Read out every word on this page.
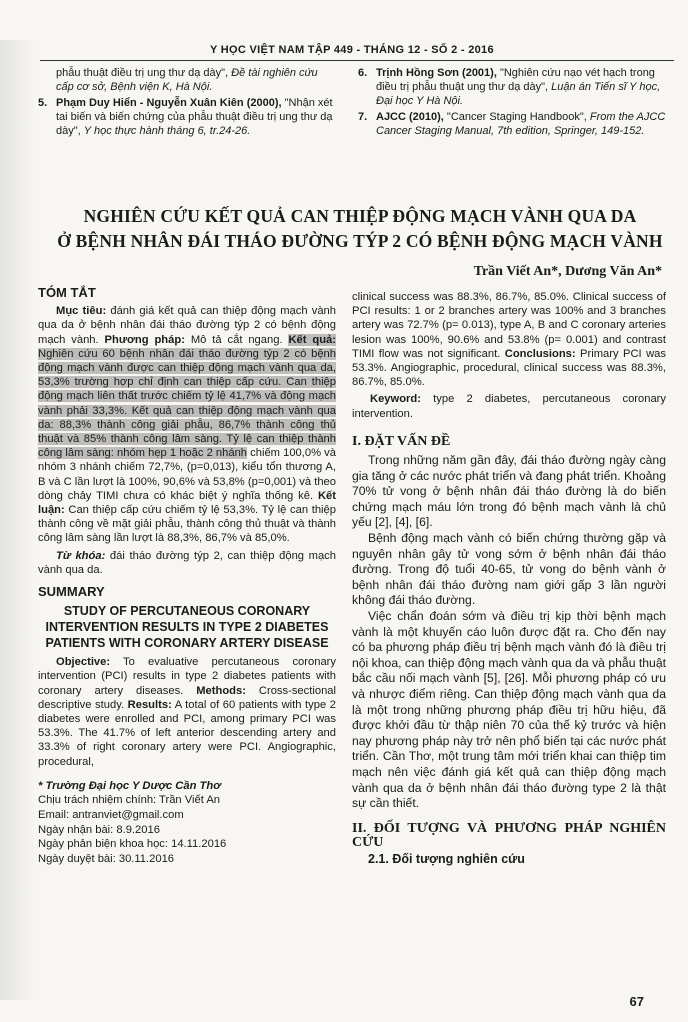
Y HỌC VIỆT NAM TẬP 449 - THÁNG 12 - SỐ 2 - 2016
phẫu thuật điều trị ung thư dạ dày", Đề tài nghiên cứu cấp cơ sở, Bệnh viện K, Hà Nội.
5. Phạm Duy Hiển - Nguyễn Xuân Kiên (2000), "Nhận xét tai biến và biến chứng của phẫu thuật điều trị ung thư dạ dày", Y học thực hành tháng 6, tr.24-26.
6. Trịnh Hồng Sơn (2001), "Nghiên cứu nạo vét hạch trong điều trị phẫu thuật ung thư dạ dày", Luận án Tiến sĩ Y học, Đại học Y Hà Nội.
7. AJCC (2010), "Cancer Staging Handbook", From the AJCC Cancer Staging Manual, 7th edition, Springer, 149-152.
NGHIÊN CỨU KẾT QUẢ CAN THIỆP ĐỘNG MẠCH VÀNH QUA DA
Ở BỆNH NHÂN ĐÁI THÁO ĐƯỜNG TÝP 2 CÓ BỆNH ĐỘNG MẠCH VÀNH
Trần Viết An*, Dương Văn An*
TÓM TẮT

Mục tiêu: đánh giá kết quả can thiệp động mạch vành qua da ở bệnh nhân đái tháo đường týp 2 có bệnh động mạch vành. Phương pháp: Mô tả cắt ngang. Kết quả: Nghiên cứu 60 bệnh nhân đái tháo đường týp 2 có bệnh động mạch vành được can thiệp động mạch vành qua da, 53,3% trường hợp chỉ định can thiệp cấp cứu. Can thiệp động mạch liên thất trước chiếm tỷ lệ 41,7% và động mạch vành phải 33,3%. Kết quả can thiệp động mạch vành qua da: 88,3% thành công giải phẫu, 86,7% thành công thủ thuật và 85% thành công lâm sàng. Tỷ lệ can thiệp thành công lâm sàng: nhóm hẹp 1 hoặc 2 nhánh chiếm 100,0% và nhóm 3 nhánh chiếm 72,7%, (p=0,013), kiểu tổn thương A, B và C lần lượt là 100%, 90,6% và 53,8% (p=0,001) và theo dòng chảy TIMI chưa có khác biệt ý nghĩa thống kê. Kết luận: Can thiệp cấp cứu chiếm tỷ lệ 53,3%. Tỷ lệ can thiệp thành công về mặt giải phẫu, thành công thủ thuật và thành công lâm sàng lần lượt là 88,3%, 86,7% và 85,0%.

Từ khóa: đái tháo đường týp 2, can thiệp động mạch vành qua da.

SUMMARY
STUDY OF PERCUTANEOUS CORONARY INTERVENTION RESULTS IN TYPE 2 DIABETES PATIENTS WITH CORONARY ARTERY DISEASE

Objective: To evaluative percutaneous coronary intervention (PCI) results in type 2 diabetes patients with coronary artery diseases. Methods: Cross-sectional descriptive study. Results: A total of 60 patients with type 2 diabetes were enrolled and PCI, among primary PCI was 53.3%. The 41.7% of left anterior descending artery and 33.3% of right coronary artery were PCI. Angiographic, procedural,

* Trường Đại học Y Dược Cần Thơ
Chịu trách nhiệm chính: Trần Viết An
Email: antranviet@gmail.com
Ngày nhận bài: 8.9.2016
Ngày phản biện khoa học: 14.11.2016
Ngày duyệt bài: 30.11.2016

clinical success was 88.3%, 86.7%, 85.0%. Clinical success of PCI results: 1 or 2 branches artery was 100% and 3 branches artery was 72.7% (p= 0.013), type A, B and C coronary arteries lesion was 100%, 90.6% and 53.8% (p= 0.001) and contrast TIMI flow was not significant. Conclusions: Primary PCI was 53.3%. Angiographic, procedural, clinical success was 88.3%, 86.7%, 85.0%.

Keyword: type 2 diabetes, percutaneous coronary intervention.

I. ĐẶT VẤN ĐỀ

Trong những năm gần đây, đái tháo đường ngày càng gia tăng ở các nước phát triển và đang phát triển. Khoảng 70% tử vong ở bệnh nhân đái tháo đường là do biến chứng mạch máu lớn trong đó bệnh mạch vành là chủ yếu [2], [4], [6].

Bệnh động mạch vành có biến chứng thường gặp và nguyên nhân gây tử vong sớm ở bệnh nhân đái tháo đường. Trong độ tuổi 40-65, tử vong do bệnh vành ở bệnh nhân đái tháo đường nam giới gấp 3 lần người không đái tháo đường.

Việc chẩn đoán sớm và điều trị kịp thời bệnh mạch vành là một khuyến cáo luôn được đặt ra. Cho đến nay có ba phương pháp điều trị bệnh mạch vành đó là điều trị nội khoa, can thiệp động mạch vành qua da và phẫu thuật bắc cầu nối mạch vành [5], [26]. Mỗi phương pháp có ưu và nhược điểm riêng. Can thiệp động mạch vành qua da là một trong những phương pháp điều trị hữu hiệu, đã được khởi đầu từ thập niên 70 của thế kỷ trước và hiện nay phương pháp này trở nên phổ biến tại các nước phát triển. Cần Thơ, một trung tâm mới triển khai can thiệp tim mạch nên việc đánh giá kết quả can thiệp động mạch vành qua da ở bệnh nhân đái tháo đường type 2 là thật sự cần thiết.

II. ĐỐI TƯỢNG VÀ PHƯƠNG PHÁP NGHIÊN CỨU
2.1. Đối tượng nghiên cứu
67
